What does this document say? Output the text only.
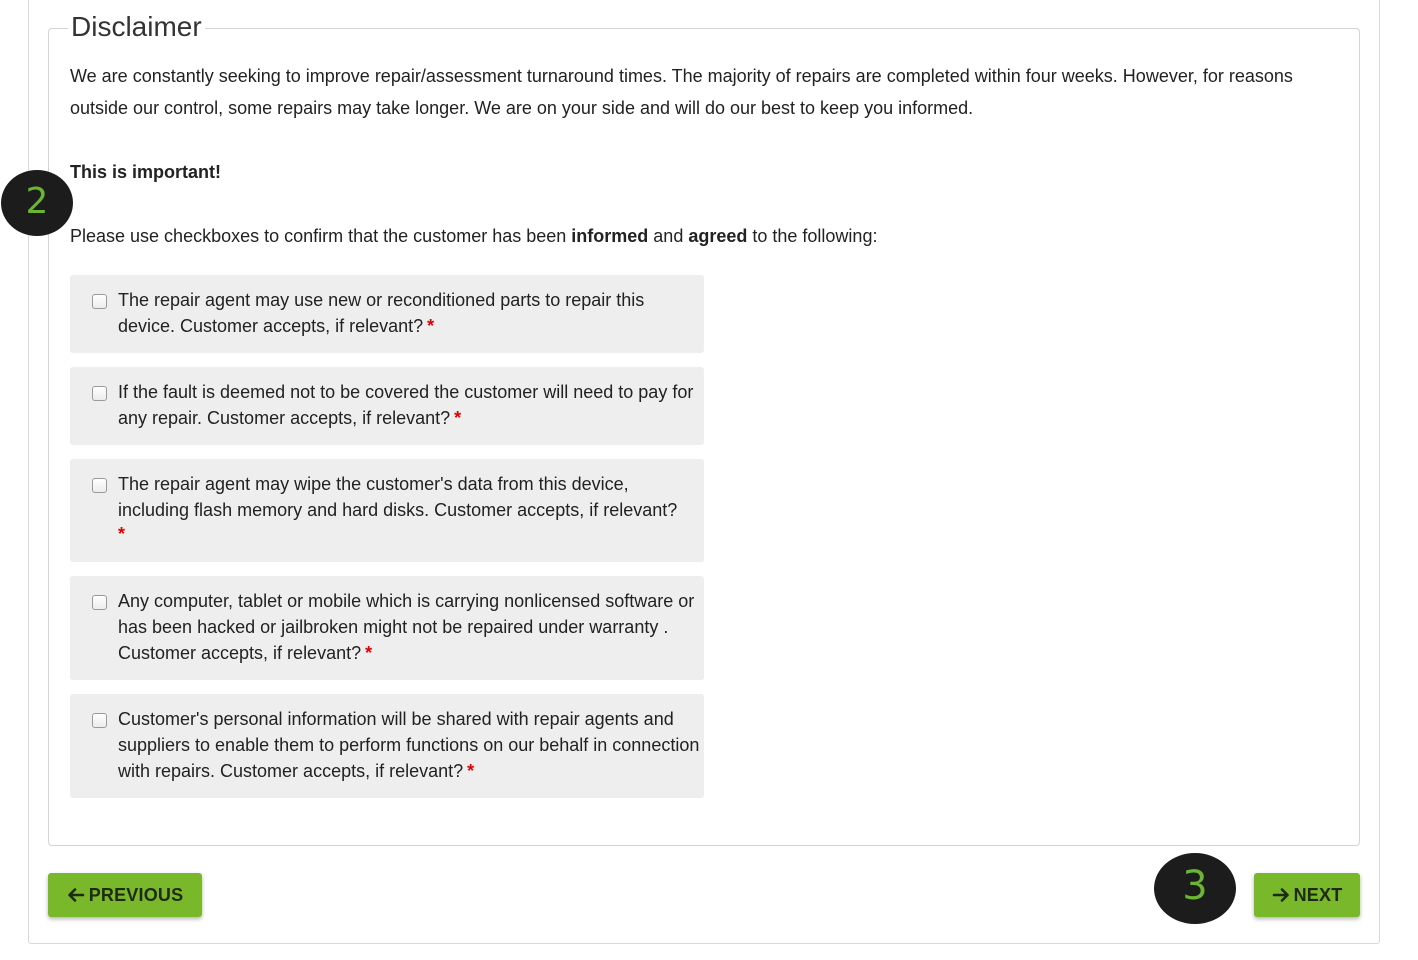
Disclaimer

We are constantly seeking to improve repair/assessment turnaround times. The majority of repairs are completed within four weeks. However, for reasons outside our control, some repairs may take longer. We are on your side and will do our best to keep you informed.

This is important!

Please use checkboxes to confirm that the customer has been informed and agreed to the following:

The repair agent may use new or reconditioned parts to repair this device. Customer accepts, if relevant? *
If the fault is deemed not to be covered the customer will need to pay for any repair. Customer accepts, if relevant? *
The repair agent may wipe the customer's data from this device, including flash memory and hard disks. Customer accepts, if relevant?
*
Any computer, tablet or mobile which is carrying nonlicensed software or has been hacked or jailbroken might not be repaired under warranty . Customer accepts, if relevant? *
Customer's personal information will be shared with repair agents and suppliers to enable them to perform functions on our behalf in connection with repairs. Customer accepts, if relevant? *
2
PREVIOUS	3	NEXT
